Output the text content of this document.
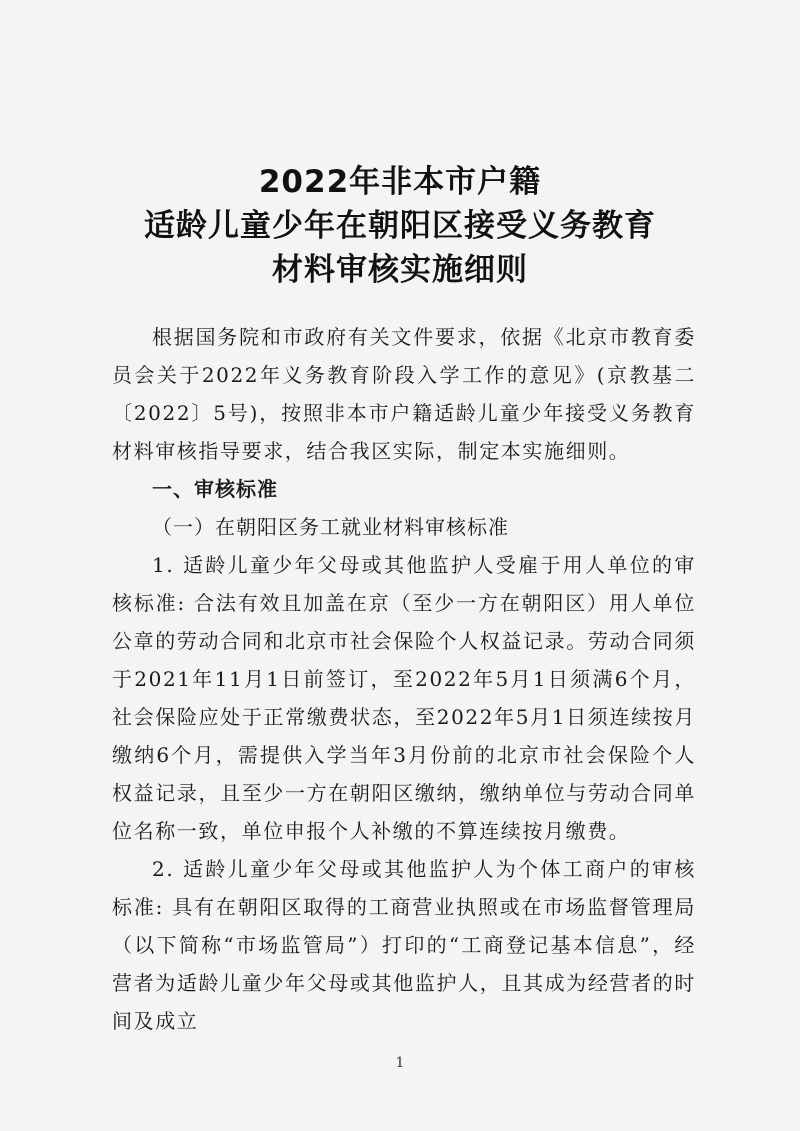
2022年非本市户籍
适龄儿童少年在朝阳区接受义务教育
材料审核实施细则

根据国务院和市政府有关文件要求，依据《北京市教育委员会关于2022年义务教育阶段入学工作的意见》(京教基二〔2022〕5号)，按照非本市户籍适龄儿童少年接受义务教育材料审核指导要求，结合我区实际，制定本实施细则。

一、审核标准

（一）在朝阳区务工就业材料审核标准

1. 适龄儿童少年父母或其他监护人受雇于用人单位的审核标准: 合法有效且加盖在京（至少一方在朝阳区）用人单位公章的劳动合同和北京市社会保险个人权益记录。劳动合同须于2021年11月1日前签订，至2022年5月1日须满6个月，社会保险应处于正常缴费状态，至2022年5月1日须连续按月缴纳6个月，需提供入学当年3月份前的北京市社会保险个人权益记录，且至少一方在朝阳区缴纳，缴纳单位与劳动合同单位名称一致，单位申报个人补缴的不算连续按月缴费。

2. 适龄儿童少年父母或其他监护人为个体工商户的审核标准: 具有在朝阳区取得的工商营业执照或在市场监督管理局（以下简称“市场监管局”）打印的“工商登记基本信息”，经营者为适龄儿童少年父母或其他监护人，且其成为经营者的时间及成立

1
